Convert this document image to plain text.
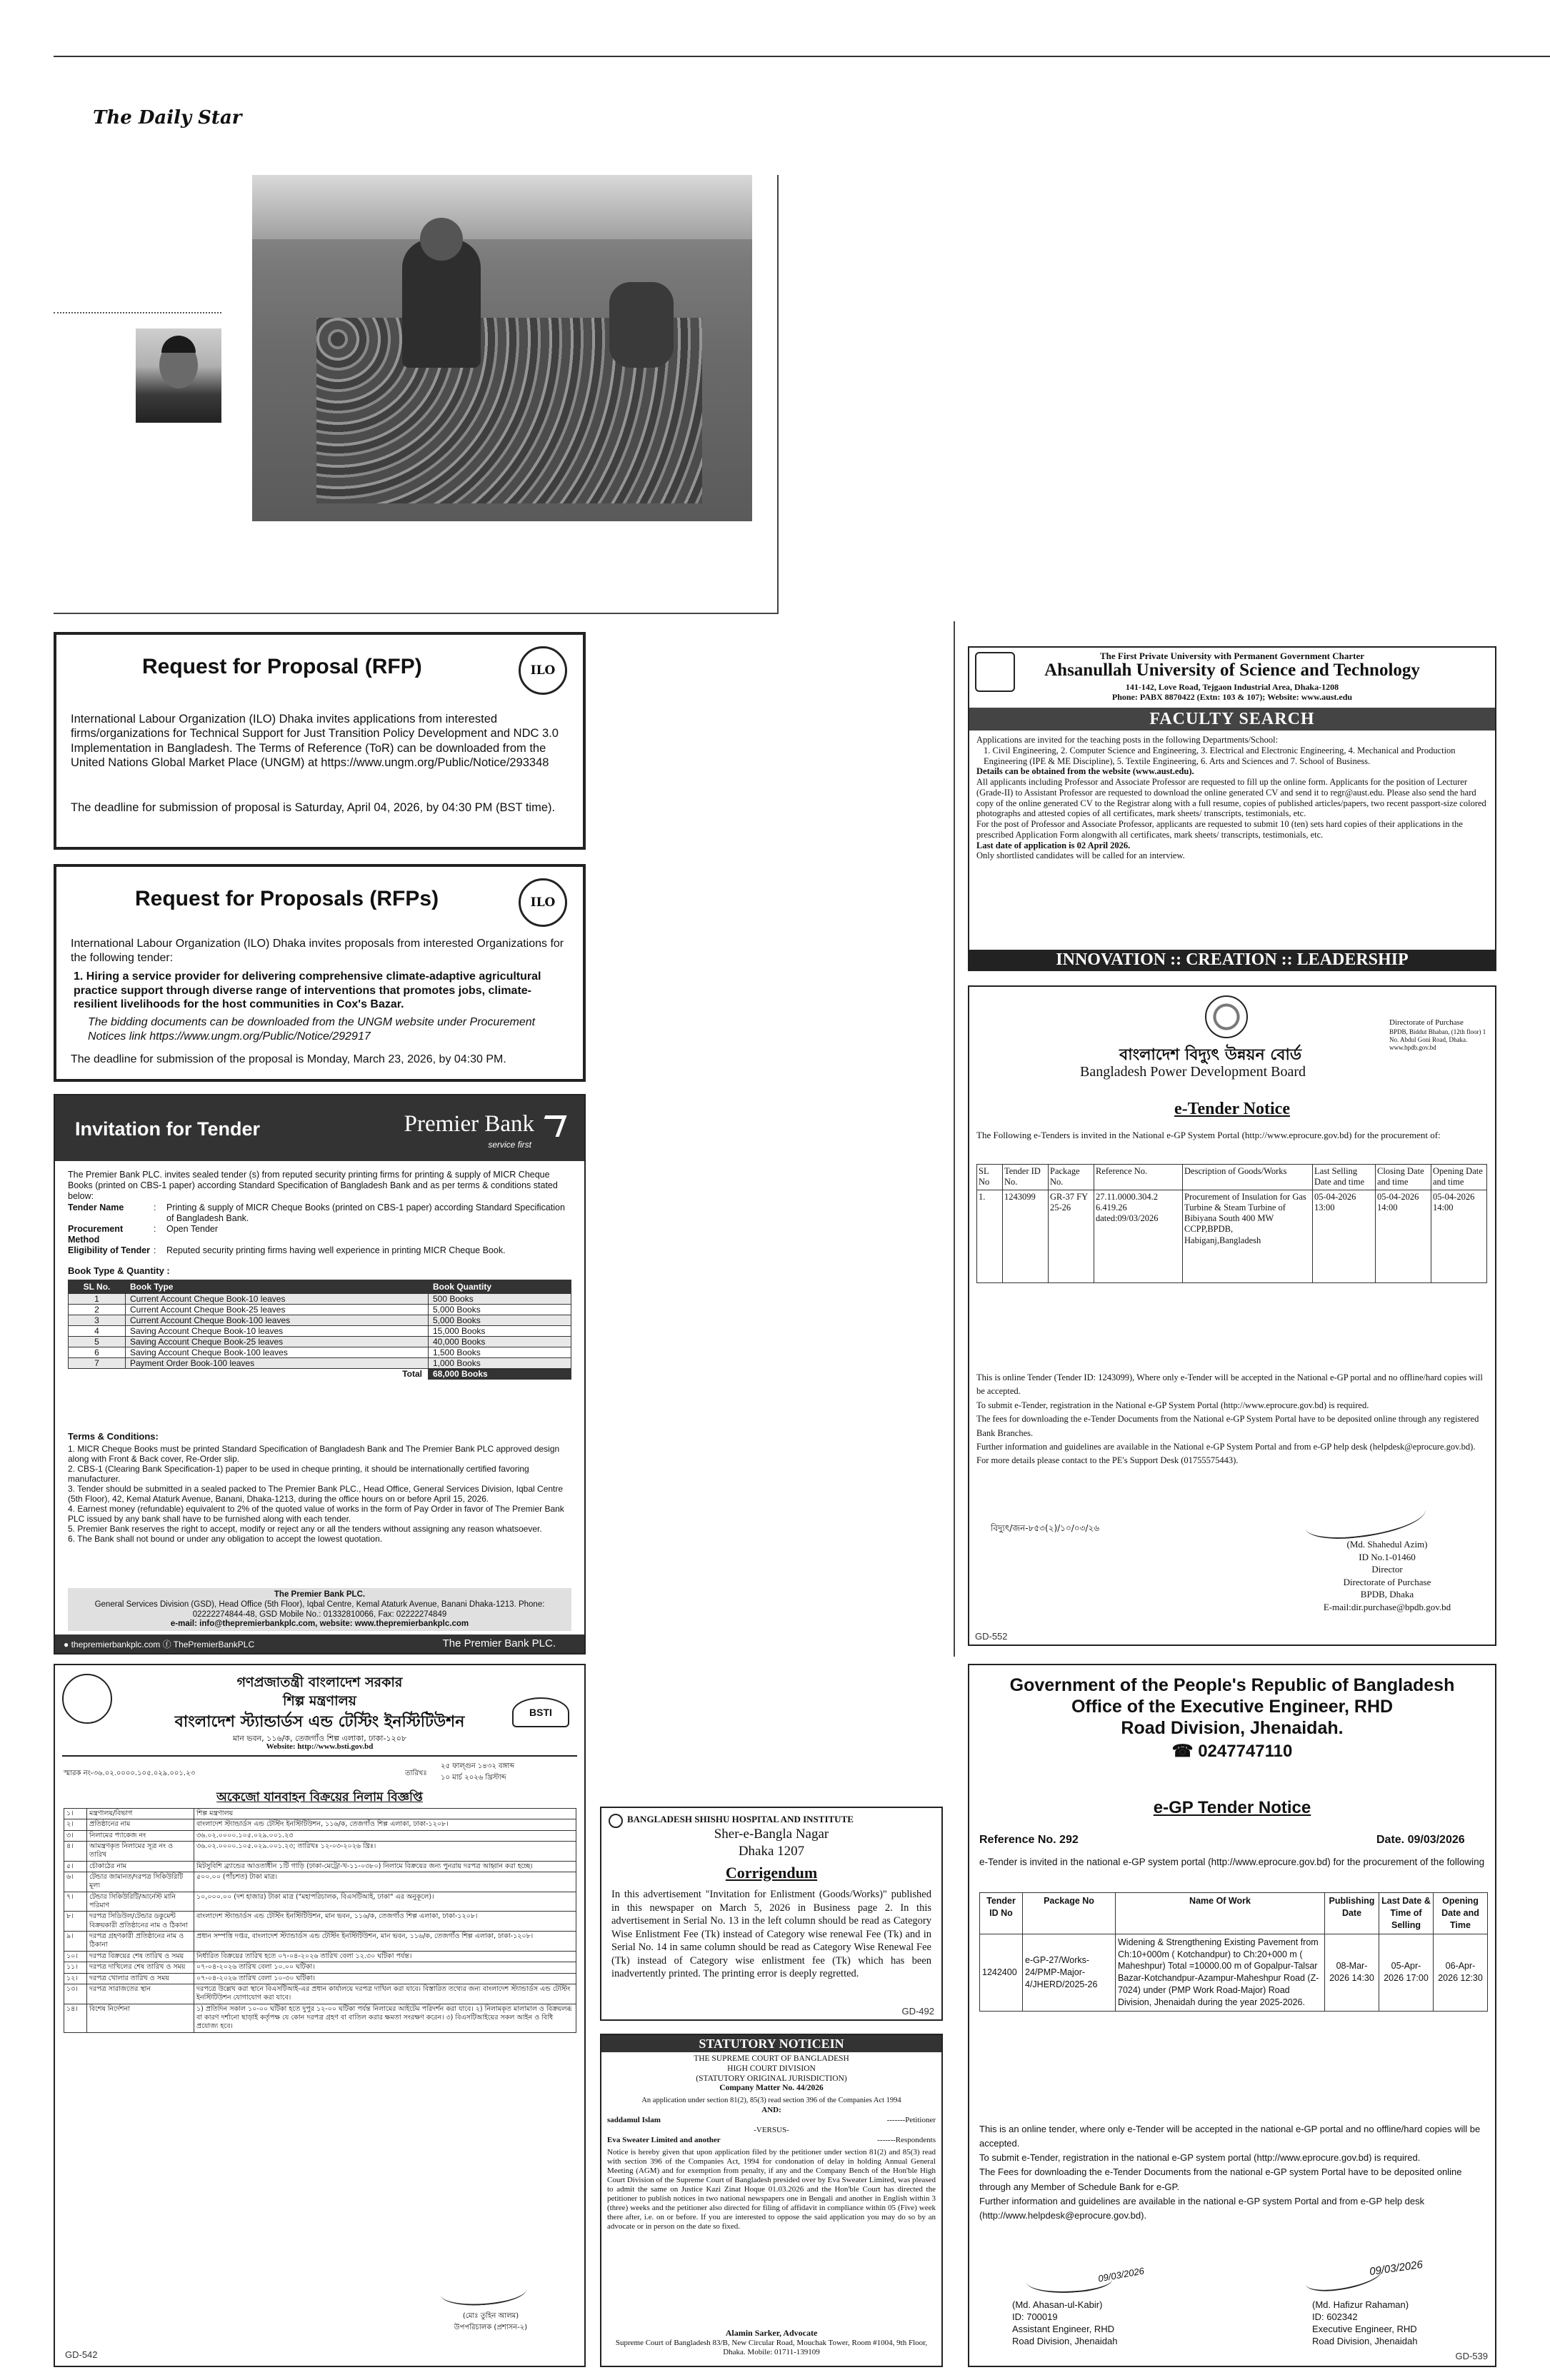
The Daily Star
Request for Proposal (RFP)	ILO

International Labour Organization (ILO) Dhaka invites applications from interested firms/organizations for Technical Support for Just Transition Policy Development and NDC 3.0 Implementation in Bangladesh. The Terms of Reference (ToR) can be downloaded from the United Nations Global Market Place (UNGM) at https://www.ungm.org/Public/Notice/293348

The deadline for submission of proposal is Saturday, April 04, 2026, by 04:30 PM (BST time).

Request for Proposals (RFPs)	ILO

International Labour Organization (ILO) Dhaka invites proposals from interested Organizations for the following tender:

1. Hiring a service provider for delivering comprehensive climate-adaptive agricultural practice support through diverse range of interventions that promotes jobs, climate-resilient livelihoods for the host communities in Cox's Bazar.

The bidding documents can be downloaded from the UNGM website under Procurement Notices link https://www.ungm.org/Public/Notice/292917

The deadline for submission of the proposal is Monday, March 23, 2026, by 04:30 PM.

Invitation for Tender	Premier Bank
service first

The Premier Bank PLC. invites sealed tender (s) from reputed security printing firms for printing & supply of MICR Cheque Books (printed on CBS-1 paper) according Standard Specification of Bangladesh Bank and as per terms & conditions stated below:

Tender Name	:	Printing & supply of MICR Cheque Books (printed on CBS-1 paper) according Standard Specification of Bangladesh Bank.
Procurement Method
:	Open Tender
Eligibility of Tender :	Reputed security printing firms having well experience in printing MICR Cheque Book.
Book Type & Quantity :
SL No.	Book Type	Book Quantity
1	Current Account Cheque Book-10 leaves	500 Books
2	Current Account Cheque Book-25 leaves	5,000 Books
3	Current Account Cheque Book-100 leaves	5,000 Books
4	Saving Account Cheque Book-10 leaves	15,000 Books
5	Saving Account Cheque Book-25 leaves	40,000 Books
6	Saving Account Cheque Book-100 leaves	1,500 Books
7	Payment Order Book-100 leaves	1,000 Books
	Total	68,000 Books
Terms & Conditions:

1. MICR Cheque Books must be printed Standard Specification of Bangladesh Bank and The Premier Bank PLC approved design along with Front & Back cover, Re-Order slip.

2. CBS-1 (Clearing Bank Specification-1) paper to be used in cheque printing, it should be internationally certified favoring manufacturer.

3. Tender should be submitted in a sealed packed to The Premier Bank PLC., Head Office, General Services Division, Iqbal Centre (5th Floor), 42, Kemal Ataturk Avenue, Banani, Dhaka-1213, during the office hours on or before April 15, 2026.

4. Earnest money (refundable) equivalent to 2% of the quoted value of works in the form of Pay Order in favor of The Premier Bank PLC issued by any bank shall have to be furnished along with each tender.

5. Premier Bank reserves the right to accept, modify or reject any or all the tenders without assigning any reason whatsoever.

6. The Bank shall not bound or under any obligation to accept the lowest quotation.

The Premier Bank PLC.
General Services Division (GSD), Head Office (5th Floor), Iqbal Centre, Kemal Ataturk Avenue, Banani Dhaka-1213. Phone: 02222274844-48, GSD Mobile No.: 01332810066, Fax: 02222274849
e-mail: info@thepremierbankplc.com, website: www.thepremierbankplc.com
● thepremierbankplc.com ⓕ ThePremierBankPLC	The Premier Bank PLC.
The First Private University with Permanent Government Charter
Ahsanullah University of Science and Technology
141-142, Love Road, Tejgaon Industrial Area, Dhaka-1208
Phone: PABX 8870422 (Extn: 103 & 107); Website: www.aust.edu
FACULTY SEARCH

Applications are invited for the teaching posts in the following Departments/School:

1. Civil Engineering, 2. Computer Science and Engineering, 3. Electrical and Electronic Engineering, 4. Mechanical and Production Engineering (IPE & ME Discipline), 5. Textile Engineering, 6. Arts and Sciences and 7. School of Business.

Details can be obtained from the website (www.aust.edu).

All applicants including Professor and Associate Professor are requested to fill up the online form. Applicants for the position of Lecturer (Grade-II) to Assistant Professor are requested to download the online generated CV and send it to regr@aust.edu. Please also send the hard copy of the online generated CV to the Registrar along with a full resume, copies of published articles/papers, two recent passport-size colored photographs and attested copies of all certificates, mark sheets/ transcripts, testimonials, etc.

For the post of Professor and Associate Professor, applicants are requested to submit 10 (ten) sets hard copies of their applications in the prescribed Application Form alongwith all certificates, mark sheets/ transcripts, testimonials, etc.

Last date of application is 02 April 2026.

Only shortlisted candidates will be called for an interview.

INNOVATION :: CREATION :: LEADERSHIP
বাংলাদেশ বিদ্যুৎ উন্নয়ন বোর্ড
Bangladesh Power Development Board
Directorate of Purchase
BPDB, Biddut Bhaban, (12th floor) 1 No. Abdul Goni Road, Dhaka. www.bpdb.gov.bd
e-Tender Notice

The Following e-Tenders is invited in the National e-GP System Portal (http://www.eprocure.gov.bd) for the procurement of:

SL No	Tender ID No.	Package No.	Reference No.	Description of Goods/Works	Last Selling Date and time	Closing Date and time	Opening Date and time
1.	1243099	GR-37 FY 25-26	27.11.0000.304.2 6.419.26 dated:09/03/2026	Procurement of Insulation for Gas Turbine & Steam Turbine of Bibiyana South 400 MW CCPP,BPDB, Habiganj,Bangladesh	05-04-2026 13:00	05-04-2026 14:00	05-04-2026 14:00

This is online Tender (Tender ID: 1243099), Where only e-Tender will be accepted in the National e-GP portal and no offline/hard copies will be accepted.

To submit e-Tender, registration in the National e-GP System Portal (http://www.eprocure.gov.bd) is required.

The fees for downloading the e-Tender Documents from the National e-GP System Portal have to be deposited online through any registered Bank Branches.

Further information and guidelines are available in the National e-GP System Portal and from e-GP help desk (helpdesk@eprocure.gov.bd).

For more details please contact to the PE's Support Desk (01755575443).

বিদ্যুৎ/জন-৮৫৩(২)/১০/০৩/২৬
(Md. Shahedul Azim)
ID No.1-01460
Director
Directorate of Purchase
BPDB, Dhaka
E-mail:dir.purchase@bpdb.gov.bd
GD-552
BSTI
গণপ্রজাতন্ত্রী বাংলাদেশ সরকার
শিল্প মন্ত্রণালয়
বাংলাদেশ স্ট্যান্ডার্ডস এন্ড টেস্টিং ইনস্টিটিউশন
মান ভবন, ১১৬/ক, তেজগাঁও শিল্প এলাকা, ঢাকা-১২০৮
Website: http://www.bsti.gov.bd
স্মারক নং-৩৬.০২.০০০০.১০৫.০২৯.০০১.২৩	তারিখঃ
২৫ ফাল্গুন ১৪৩২ বঙ্গাব্দ
১০ মার্চ ২০২৬ খ্রিস্টাব্দ
অকেজো যানবাহন বিক্রয়ের নিলাম বিজ্ঞপ্তি
১।	মন্ত্রণালয়/বিভাগ	শিল্প মন্ত্রণালয়
২।	প্রতিষ্ঠানের নাম	বাংলাদেশ স্ট্যান্ডার্ডস এন্ড টেস্টিং ইনস্টিটিউশন, ১১৬/ক, তেজগাঁও শিল্প এলাকা, ঢাকা-১২০৮।
৩।	নিলামের প্যাকেজ নং	৩৬.০২.০০০০.১০৫.০২৯.০০১.২৩
৪।	আমন্ত্রণকৃত নিলামের সূত্র নং ও তারিখ	৩৬.০২.০০০০.১০৫.০২৯.০০১.২৩; তারিখঃ ১২-০৩-২০২৬ খ্রিঃ।
৫।	চৌকাঠের নাম	মিটসুবিশি ব্র্যান্ডের আওতাধীন ১টি গাড়ি (ঢাকা-মেট্রো-খ-১১-০৩৮০) নিলামে বিক্রয়ের জন্য পুনরায় দরপত্র আহ্বান করা হচ্ছে।
৬।	টেন্ডার জামানত/দরপত্র সিকিউরিটি মূল্য	৫০০.০০ (পাঁচশত) টাকা মাত্র।
৭।	টেন্ডার সিকিউরিটি/আর্নেস্ট মানি পরিমাণ	১০,০০০.০০ (দশ হাজার) টাকা মাত্র ("মহাপরিচালক, বিএসটিআই, ঢাকা" এর অনুকূলে)।
৮।	দরপত্র সিডিউল/টেন্ডার ডকুমেন্ট বিক্রয়কারী প্রতিষ্ঠানের নাম ও ঠিকানা	বাংলাদেশ স্ট্যান্ডার্ডস এন্ড টেস্টিং ইনস্টিটিউশন, মান ভবন, ১১৬/ক, তেজগাঁও শিল্প এলাকা, ঢাকা-১২০৮।
৯।	দরপত্র গ্রহণকারী প্রতিষ্ঠানের নাম ও ঠিকানা	প্রধান সম্পত্তি দপ্তর, বাংলাদেশ স্ট্যান্ডার্ডস এন্ড টেস্টিং ইনস্টিটিউশন, মান ভবন, ১১৬/ক, তেজগাঁও শিল্প এলাকা, ঢাকা-১২০৮।
১০।	দরপত্র বিক্রয়ের শেষ তারিখ ও সময়	নির্ধারিত বিক্রয়ের তারিখ হতে ০৭-০৪-২০২৬ তারিখ বেলা ১২.৩০ ঘটিকা পর্যন্ত।
১১।	দরপত্র দাখিলের শেষ তারিখ ও সময়	০৭-০৪-২০২৬ তারিখ বেলা ১০.০০ ঘটিকা।
১২।	দরপত্র খোলার তারিখ ও সময়	০৭-০৪-২০২৬ তারিখ বেলা ১০-৩০ ঘটিকা।
১৩।	দরপত্র সারাজতের স্থান	দরপত্রে উল্লেখ করা স্থানে বিএসটিআই-এর প্রধান কার্যালয়ে দরপত্র দাখিল করা যাবে। বিস্তারিত তথ্যের জন্য বাংলাদেশ স্ট্যান্ডার্ডস এন্ড টেস্টিং ইনস্টিটিউশন যোগাযোগ করা যাবে।
১৪।	বিশেষ নির্দেশনা	১) প্রতিদিন সকাল ১০-০০ ঘটিকা হতে দুপুর ১২-০০ ঘটিকা পর্যন্ত নিলামের আইটেম পরিদর্শন করা যাবে। ২) নিলামকৃত মালামাল ও বিক্রয়লব্ধ বা কারণ দর্শানো ছাড়াই কর্তৃপক্ষ যে কোন দরপত্র গ্রহণ বা বাতিল করার ক্ষমতা সংরক্ষণ করেন। ৩) বিএসটিআইয়ের সকল আইন ও বিধি প্রযোজ্য হবে।
(মোঃ তুহিন আলম)
উপপরিচালক (প্রশাসন-২)
GD-542
BANGLADESH SHISHU HOSPITAL AND INSTITUTE
Sher-e-Bangla Nagar
Dhaka 1207
Corrigendum

In this advertisement "Invitation for Enlistment (Goods/Works)" published in this newspaper on March 5, 2026 in Business page 2. In this advertisement in Serial No. 13 in the left column should be read as Category Wise Enlistment Fee (Tk) instead of Category wise renewal Fee (Tk) and in Serial No. 14 in same column should be read as Category Wise Renewal Fee (Tk) instead of Category wise enlistment fee (Tk) which has been inadvertently printed. The printing error is deeply regretted.

GD-492
STATUTORY NOTICEIN
THE SUPREME COURT OF BANGLADESH
HIGH COURT DIVISION
(STATUTORY ORIGINAL JURISDICTION)
Company Matter No. 44/2026
An application under section 81(2), 85(3) read section 396 of the Companies Act 1994
AND:
saddamul Islam	-------Petitioner
-VERSUS-
Eva Sweater Limited and another	-------Respondents

Notice is hereby given that upon application filed by the petitioner under section 81(2) and 85(3) read with section 396 of the Companies Act, 1994 for condonation of delay in holding Annual General Meeting (AGM) and for exemption from penalty, if any and the Company Bench of the Hon'ble High Court Division of the Supreme Court of Bangladesh presided over by Eva Sweater Limited, was pleased to admit the same on Justice Kazi Zinat Hoque 01.03.2026 and the Hon'ble Court has directed the petitioner to publish notices in two national newspapers one in Bengali and another in English within 3 (three) weeks and the petitioner also directed for filing of affidavit in compliance within 05 (Five) week there after, i.e. on or before. If you are interested to oppose the said application you may do so by an advocate or in person on the date so fixed.

Alamin Sarker, Advocate
Supreme Court of Bangladesh 83/B, New Circular Road, Mouchak Tower, Room #1004, 9th Floor, Dhaka. Mobile: 01711-139109
Government of the People's Republic of Bangladesh
Office of the Executive Engineer, RHD
Road Division, Jhenaidah.
☎ 0247747110
e-GP Tender Notice
Reference No. 292	Date. 09/03/2026

e-Tender is invited in the national e-GP system portal (http://www.eprocure.gov.bd) for the procurement of the following

Tender ID No	Package No	Name Of Work	Publishing Date	Last Date & Time of Selling	Opening Date and Time
1242400	e-GP-27/Works-24/PMP-Major-4/JHERD/2025-26	Widening & Strengthening Existing Pavement from Ch:10+000m ( Kotchandpur) to Ch:20+000 m ( Maheshpur) Total =10000.00 m of Gopalpur-Talsar Bazar-Kotchandpur-Azampur-Maheshpur Road (Z-7024) under (PMP Work Road-Major) Road Division, Jhenaidah during the year 2025-2026.	08-Mar-2026 14:30	05-Apr-2026 17:00	06-Apr-2026 12:30

This is an online tender, where only e-Tender will be accepted in the national e-GP portal and no offline/hard copies will be accepted.

To submit e-Tender, registration in the national e-GP system portal (http://www.eprocure.gov.bd) is required.

The Fees for downloading the e-Tender Documents from the national e-GP system Portal have to be deposited online through any Member of Schedule Bank for e-GP.

Further information and guidelines are available in the national e-GP system Portal and from e-GP help desk (http://www.helpdesk@eprocure.gov.bd).

09/03/2026
(Md. Ahasan-ul-Kabir)
ID: 700019
Assistant Engineer, RHD
Road Division, Jhenaidah
09/03/2026
(Md. Hafizur Rahaman)
ID: 602342
Executive Engineer, RHD
Road Division, Jhenaidah
GD-539
